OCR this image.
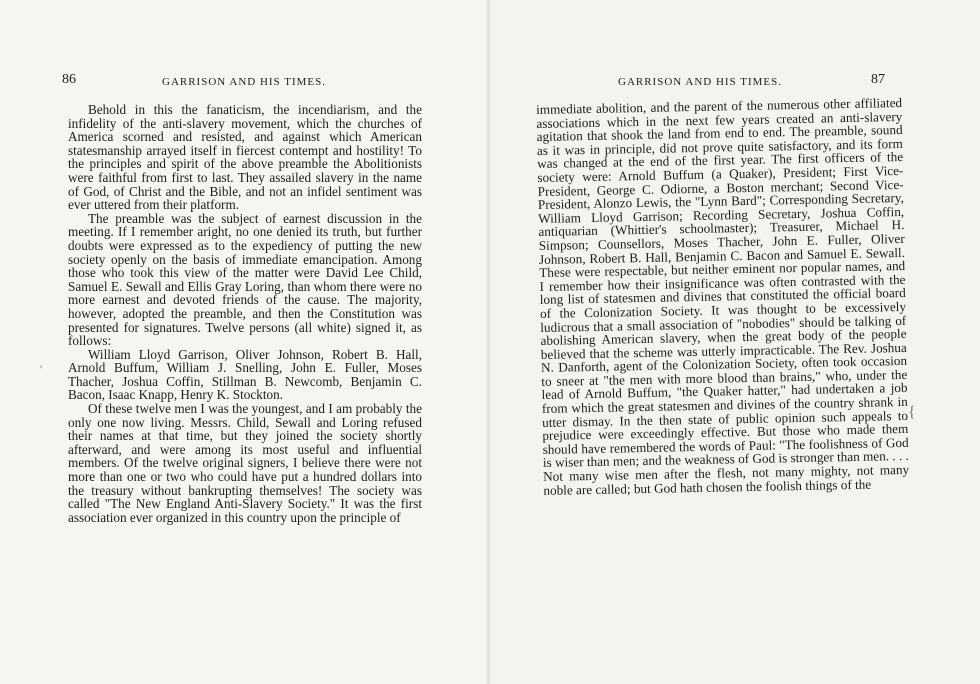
86	GARRISON AND HIS TIMES.

Behold in this the fanaticism, the incendiarism, and the infidelity of the anti-slavery movement, which the churches of America scorned and resisted, and against which American statesmanship arrayed itself in fiercest contempt and hostility! To the principles and spirit of the above preamble the Abolitionists were faithful from first to last. They assailed slavery in the name of God, of Christ and the Bible, and not an infidel sentiment was ever uttered from their platform.

The preamble was the subject of earnest discussion in the meeting. If I remember aright, no one denied its truth, but further doubts were expressed as to the expediency of putting the new society openly on the basis of immediate emancipation. Among those who took this view of the matter were David Lee Child, Samuel E. Sewall and Ellis Gray Loring, than whom there were no more earnest and devoted friends of the cause. The majority, however, adopted the preamble, and then the Constitution was presented for signatures. Twelve persons (all white) signed it, as follows:

William Lloyd Garrison, Oliver Johnson, Robert B. Hall, Arnold Buffum, William J. Snelling, John E. Fuller, Moses Thacher, Joshua Coffin, Stillman B. Newcomb, Benjamin C. Bacon, Isaac Knapp, Henry K. Stockton.

Of these twelve men I was the youngest, and I am probably the only one now living. Messrs. Child, Sewall and Loring refused their names at that time, but they joined the society shortly afterward, and were among its most useful and influential members. Of the twelve original signers, I believe there were not more than one or two who could have put a hundred dollars into the treasury without bankrupting themselves! The society was called "The New England Anti-Slavery Society." It was the first association ever organized in this country upon the principle of

'
GARRISON AND HIS TIMES.	87

immediate abolition, and the parent of the numerous other affiliated associations which in the next few years created an anti-slavery agitation that shook the land from end to end. The preamble, sound as it was in principle, did not prove quite satisfactory, and its form was changed at the end of the first year. The first officers of the society were: Arnold Buffum (a Quaker), President; First Vice-President, George C. Odiorne, a Boston merchant; Second Vice-President, Alonzo Lewis, the "Lynn Bard"; Corresponding Secretary, William Lloyd Garrison; Recording Secretary, Joshua Coffin, antiquarian (Whittier's schoolmaster); Treasurer, Michael H. Simpson; Counsellors, Moses Thacher, John E. Fuller, Oliver Johnson, Robert B. Hall, Benjamin C. Bacon and Samuel E. Sewall. These were respectable, but neither eminent nor popular names, and I remember how their insignificance was often contrasted with the long list of statesmen and divines that constituted the official board of the Colonization Society. It was thought to be excessively ludicrous that a small association of "nobodies" should be talking of abolishing American slavery, when the great body of the people believed that the scheme was utterly impracticable. The Rev. Joshua N. Danforth, agent of the Colonization Society, often took occasion to sneer at "the men with more blood than brains," who, under the lead of Arnold Buffum, "the Quaker hatter," had undertaken a job from which the great statesmen and divines of the country shrank in utter dismay. In the then state of public opinion such appeals to prejudice were exceedingly effective. But those who made them should have remembered the words of Paul: "The foolishness of God is wiser than men; and the weakness of God is stronger than men. . . . Not many wise men after the flesh, not many mighty, not many noble are called; but God hath chosen the foolish things of the

{
